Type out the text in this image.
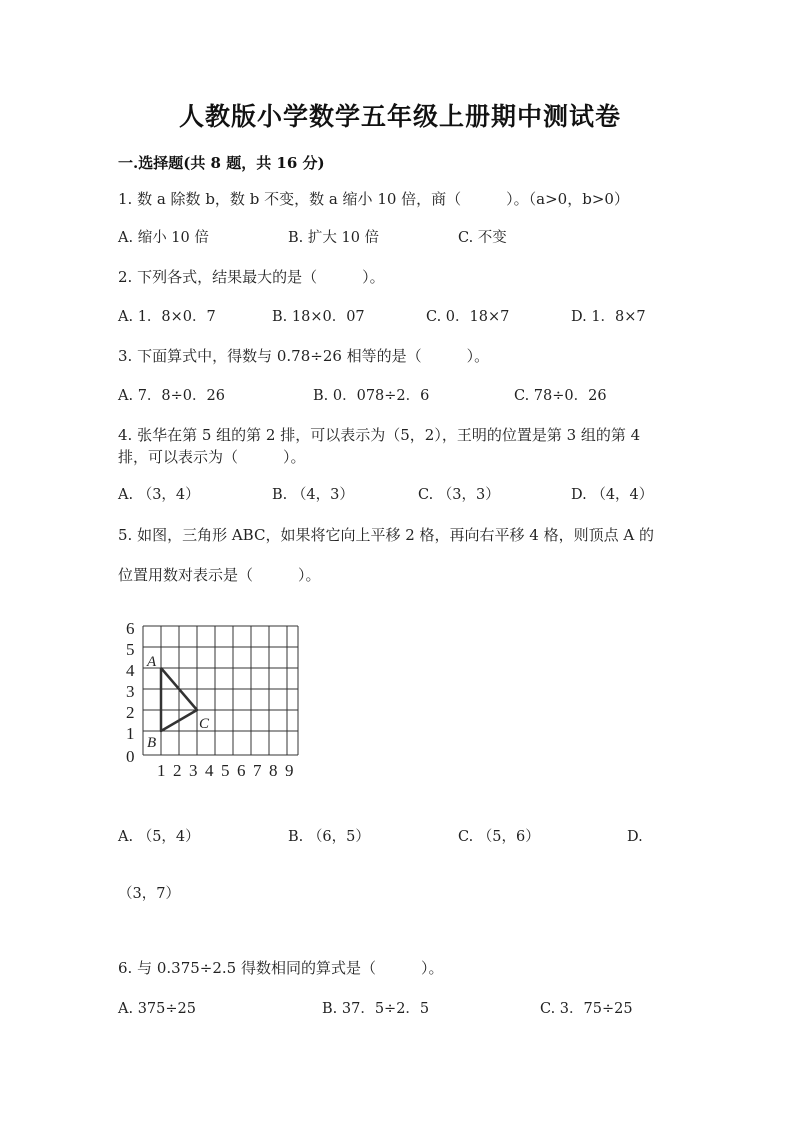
人教版小学数学五年级上册期中测试卷
一.选择题(共 8 题，共 16 分)
1. 数 a 除数 b，数 b 不变，数 a 缩小 10 倍，商（　　　）。（a>0，b>0）
A. 缩小 10 倍	B. 扩大 10 倍	C. 不变
2. 下列各式，结果最大的是（　　　）。
A. 1．8×0．7	B. 18×0．07	C. 0．18×7	D. 1．8×7
3. 下面算式中，得数与 0.78÷26 相等的是（　　　）。
A. 7．8÷0．26	B. 0．078÷2．6	C. 78÷0．26
4. 张华在第 5 组的第 2 排，可以表示为（5，2），王明的位置是第 3 组的第 4 排，可以表示为（　　　）。
A. （3，4）	B. （4，3）	C. （3，3）	D. （4，4）
5. 如图，三角形 ABC，如果将它向上平移 2 格，再向右平移 4 格，则顶点 A 的
位置用数对表示是（　　　）。
6
5
4
3
2
1
0
1 2 3 4 5 6 7 8 9
A
B
C
A. （5，4）	B. （6，5）	C. （5，6）	D.
（3，7）
6. 与 0.375÷2.5 得数相同的算式是（　　　）。
A. 375÷25	B. 37．5÷2．5	C. 3．75÷25
